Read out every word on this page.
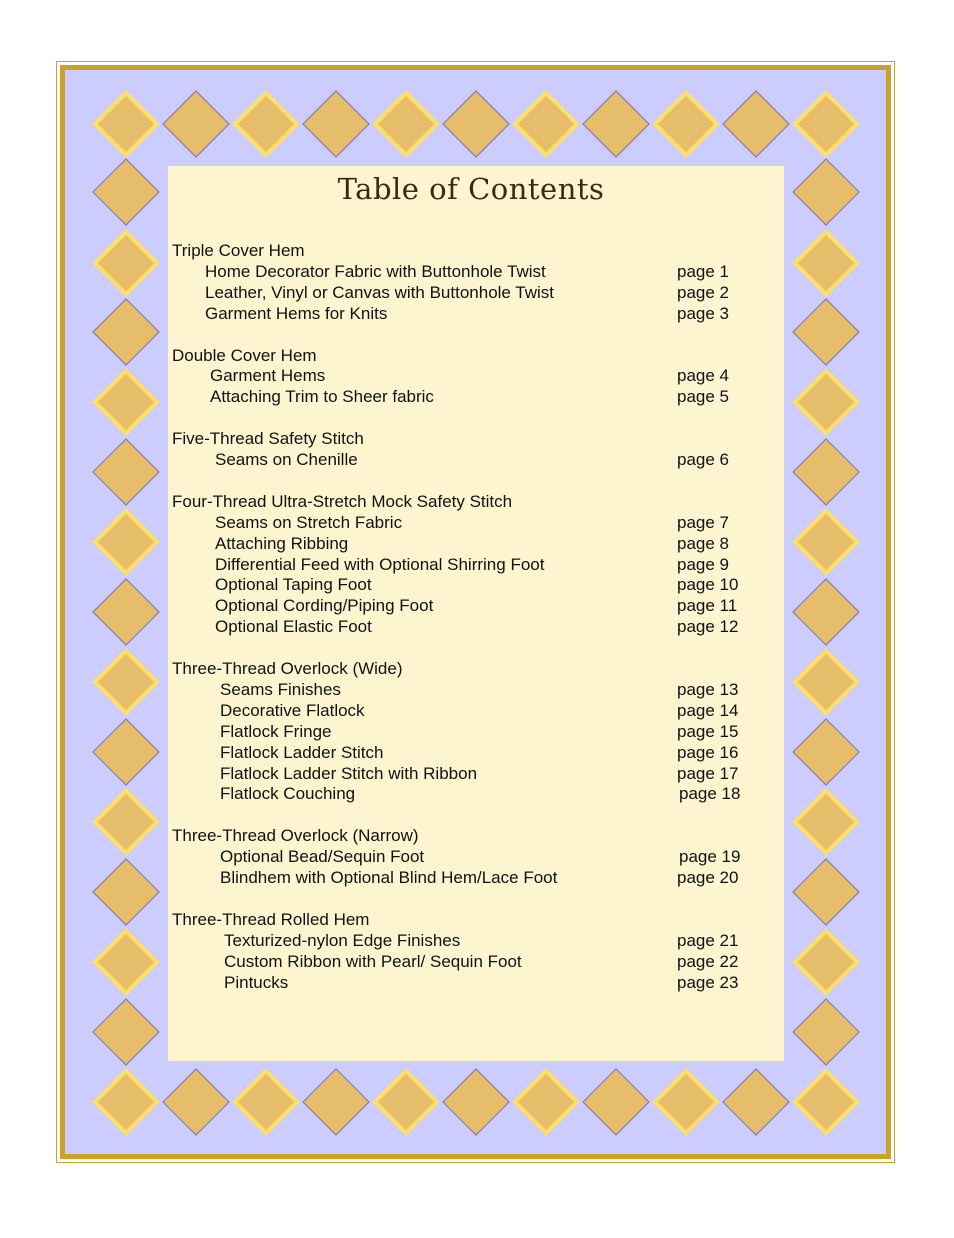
Table of Contents
Triple Cover Hem
Home Decorator Fabric with Buttonhole Twist	page 1
Leather, Vinyl or Canvas with Buttonhole Twist	page 2
Garment Hems for Knits	page 3
Double Cover Hem
Garment Hems	page 4
Attaching Trim to Sheer fabric	page 5
Five-Thread Safety Stitch
Seams on Chenille	page 6
Four-Thread Ultra-Stretch Mock Safety Stitch
Seams on Stretch Fabric	page 7
Attaching Ribbing	page 8
Differential Feed with Optional Shirring Foot	page 9
Optional Taping Foot	page 10
Optional Cording/Piping Foot	page 11
Optional Elastic Foot	page 12
Three-Thread Overlock (Wide)
Seams Finishes	page 13
Decorative Flatlock	page 14
Flatlock Fringe	page 15
Flatlock Ladder Stitch	page 16
Flatlock Ladder Stitch with Ribbon	page 17
Flatlock Couching	page 18
Three-Thread Overlock (Narrow)
Optional Bead/Sequin Foot	page 19
Blindhem with Optional Blind Hem/Lace Foot	page 20
Three-Thread Rolled Hem
Texturized-nylon Edge Finishes	page 21
Custom Ribbon with Pearl/ Sequin Foot	page 22
Pintucks	page 23
